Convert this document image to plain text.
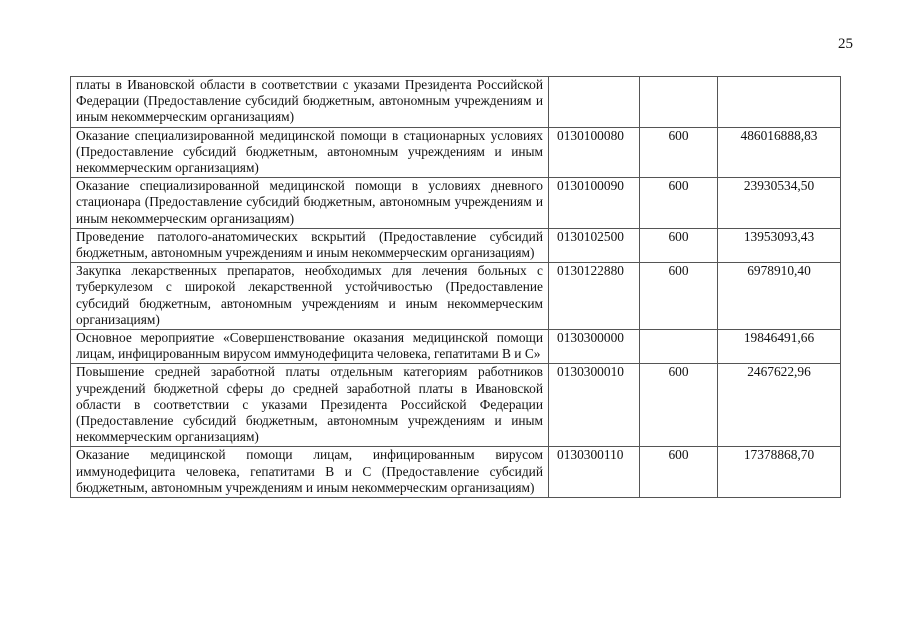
25
платы в Ивановской области в соответствии с указами Президента Российской Федерации (Предоставление субсидий бюджетным, автономным учреждениям и иным некоммерческим организациям)			
Оказание специализированной медицинской помощи в стационарных условиях (Предоставление субсидий бюджетным, автономным учреждениям и иным некоммерческим организациям)	0130100080	600	486016888,83
Оказание специализированной медицинской помощи в условиях дневного стационара (Предоставление субсидий бюджетным, автономным учреждениям и иным некоммерческим организациям)	0130100090	600	23930534,50
Проведение патолого-анатомических вскрытий (Предоставление субсидий бюджетным, автономным учреждениям и иным некоммерческим организациям)	0130102500	600	13953093,43
Закупка лекарственных препаратов, необходимых для лечения больных с туберкулезом с широкой лекарственной устойчивостью (Предоставление субсидий бюджетным, автономным учреждениям и иным некоммерческим организациям)	0130122880	600	6978910,40
Основное мероприятие «Совершенствование оказания медицинской помощи лицам, инфицированным вирусом иммунодефицита человека, гепатитами В и С»	0130300000		19846491,66
Повышение средней заработной платы отдельным категориям работников учреждений бюджетной сферы до средней заработной платы в Ивановской области в соответствии с указами Президента Российской Федерации (Предоставление субсидий бюджетным, автономным учреждениям и иным некоммерческим организациям)	0130300010	600	2467622,96
Оказание медицинской помощи лицам, инфицированным вирусом иммунодефицита человека, гепатитами В и С (Предоставление субсидий бюджетным, автономным учреждениям и иным некоммерческим организациям)	0130300110	600	17378868,70
